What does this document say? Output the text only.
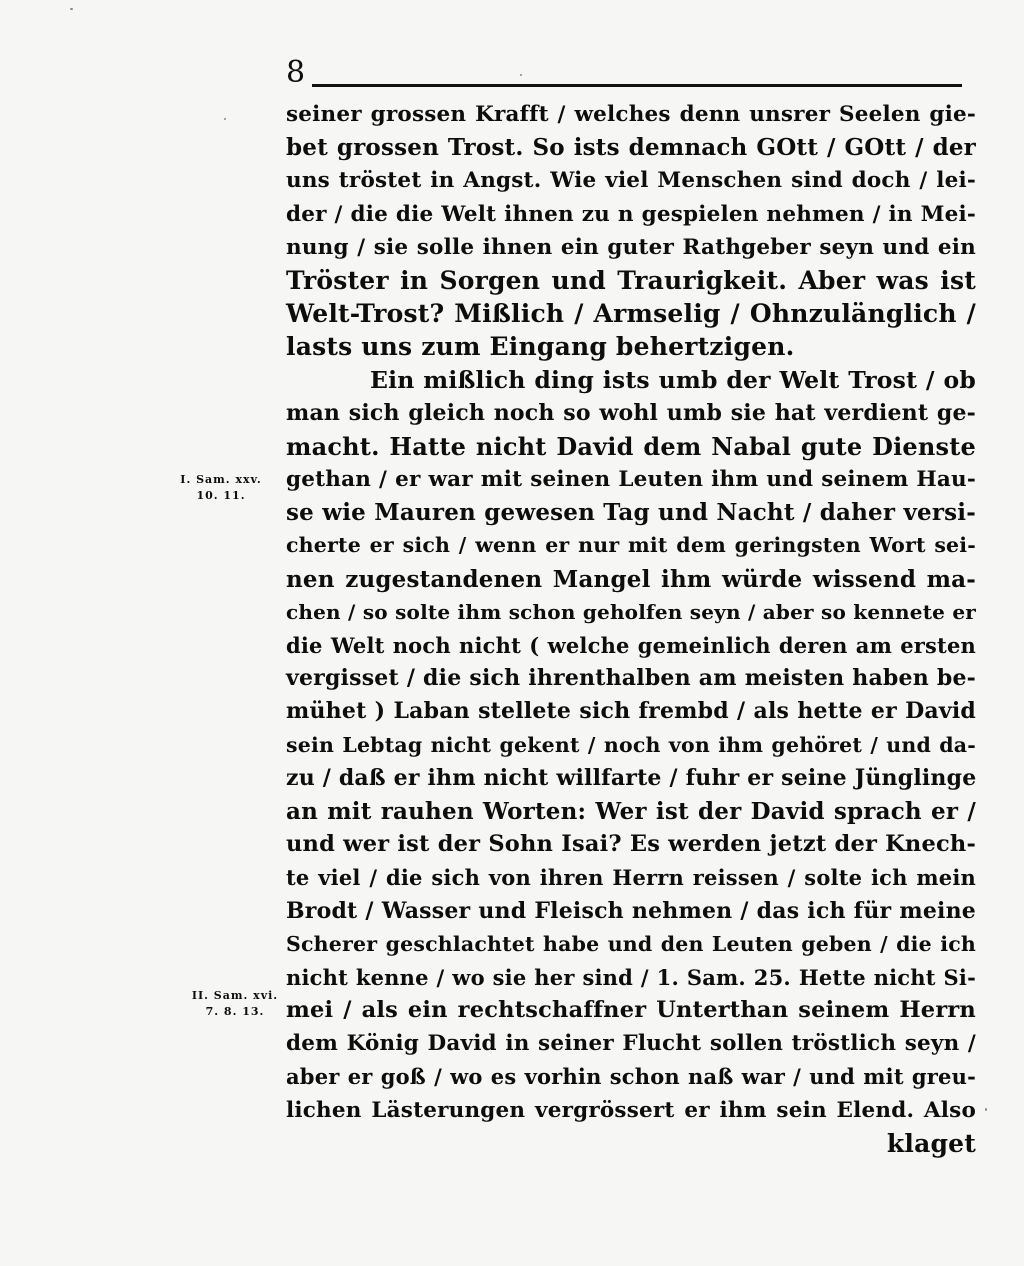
8
I. Sam. xxv.
10. 11.
II. Sam. xvi.
7. 8. 13.
seiner grossen Krafft / welches denn unsrer Seelen gie-
bet grossen Trost. So ists demnach GOtt / GOtt / der
uns tröstet in Angst. Wie viel Menschen sind doch / lei-
der / die die Welt ihnen zu n gespielen nehmen / in Mei-
nung / sie solle ihnen ein guter Rathgeber seyn und ein
Tröster in Sorgen und Traurigkeit. Aber was ist
Welt-Trost? Mißlich / Armselig / Ohnzulänglich /
lasts uns zum Eingang behertzigen.
Ein mißlich ding ists umb der Welt Trost / ob
man sich gleich noch so wohl umb sie hat verdient ge-
macht. Hatte nicht David dem Nabal gute Dienste
gethan / er war mit seinen Leuten ihm und seinem Hau-
se wie Mauren gewesen Tag und Nacht / daher versi-
cherte er sich / wenn er nur mit dem geringsten Wort sei-
nen zugestandenen Mangel ihm würde wissend ma-
chen / so solte ihm schon geholfen seyn / aber so kennete er
die Welt noch nicht ( welche gemeinlich deren am ersten
vergisset / die sich ihrenthalben am meisten haben be-
mühet ) Laban stellete sich frembd / als hette er David
sein Lebtag nicht gekent / noch von ihm gehöret / und da-
zu / daß er ihm nicht willfarte / fuhr er seine Jünglinge
an mit rauhen Worten: Wer ist der David sprach er /
und wer ist der Sohn Isai? Es werden jetzt der Knech-
te viel / die sich von ihren Herrn reissen / solte ich mein
Brodt / Wasser und Fleisch nehmen / das ich für meine
Scherer geschlachtet habe und den Leuten geben / die ich
nicht kenne / wo sie her sind / 1. Sam. 25. Hette nicht Si-
mei / als ein rechtschaffner Unterthan seinem Herrn
dem König David in seiner Flucht sollen tröstlich seyn /
aber er goß / wo es vorhin schon naß war / und mit greu-
lichen Lästerungen vergrössert er ihm sein Elend. Also
klaget
